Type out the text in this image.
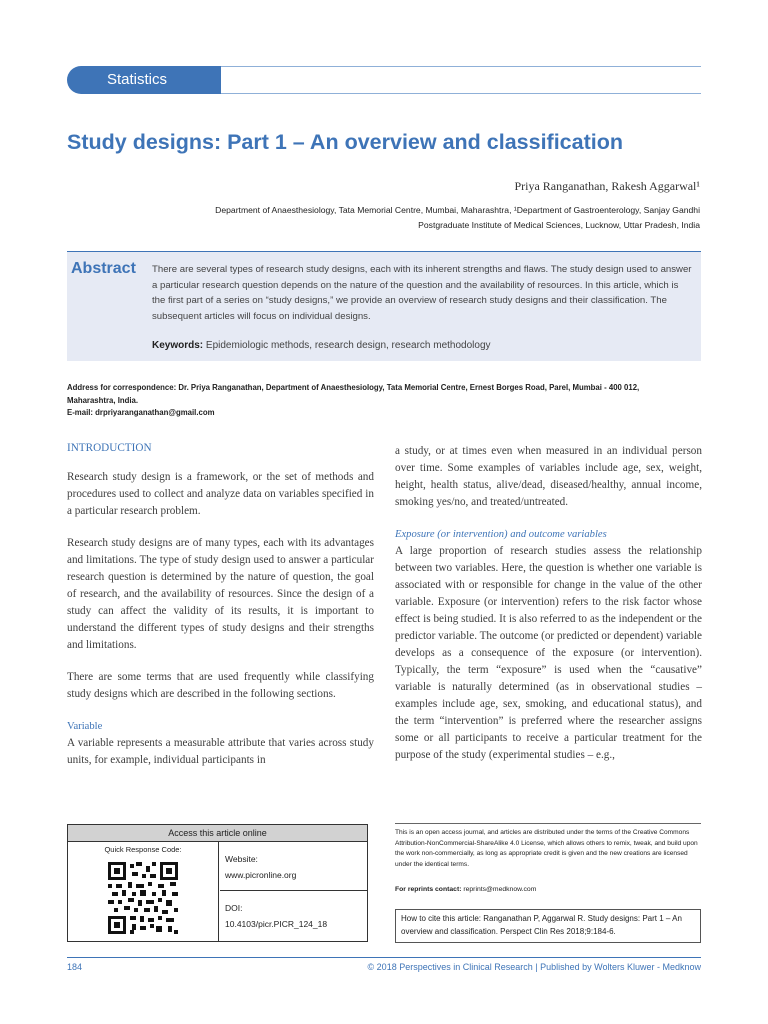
Statistics
Study designs: Part 1 – An overview and classification
Priya Ranganathan, Rakesh Aggarwal¹
Department of Anaesthesiology, Tata Memorial Centre, Mumbai, Maharashtra, ¹Department of Gastroenterology, Sanjay Gandhi
Postgraduate Institute of Medical Sciences, Lucknow, Uttar Pradesh, India
Abstract There are several types of research study designs, each with its inherent strengths and flaws. The study design used to answer a particular research question depends on the nature of the question and the availability of resources. In this article, which is the first part of a series on “study designs,” we provide an overview of research study designs and their classification. The subsequent articles will focus on individual designs.
Keywords: Epidemiologic methods, research design, research methodology
Address for correspondence: Dr. Priya Ranganathan, Department of Anaesthesiology, Tata Memorial Centre, Ernest Borges Road, Parel, Mumbai - 400 012,
Maharashtra, India.
E-mail: drpriyaranganathan@gmail.com
INTRODUCTION

Research study design is a framework, or the set of methods and procedures used to collect and analyze data on variables specified in a particular research problem.

Research study designs are of many types, each with its advantages and limitations. The type of study design used to answer a particular research question is determined by the nature of question, the goal of research, and the availability of resources. Since the design of a study can affect the validity of its results, it is important to understand the different types of study designs and their strengths and limitations.

There are some terms that are used frequently while classifying study designs which are described in the following sections.

Variable

A variable represents a measurable attribute that varies across study units, for example, individual participants in

a study, or at times even when measured in an individual person over time. Some examples of variables include age, sex, weight, height, health status, alive/dead, diseased/healthy, annual income, smoking yes/no, and treated/untreated.

Exposure (or intervention) and outcome variables

A large proportion of research studies assess the relationship between two variables. Here, the question is whether one variable is associated with or responsible for change in the value of the other variable. Exposure (or intervention) refers to the risk factor whose effect is being studied. It is also referred to as the independent or the predictor variable. The outcome (or predicted or dependent) variable develops as a consequence of the exposure (or intervention). Typically, the term “exposure” is used when the “causative” variable is naturally determined (as in observational studies – examples include age, sex, smoking, and educational status), and the term “intervention” is preferred where the researcher assigns some or all participants to receive a particular treatment for the purpose of the study (experimental studies – e.g.,

Access this article online
Quick Response Code:
Website:
www.picronline.org
DOI:
10.4103/picr.PICR_124_18
This is an open access journal, and articles are distributed under the terms of the Creative Commons Attribution-NonCommercial-ShareAlike 4.0 License, which allows others to remix, tweak, and build upon the work non-commercially, as long as appropriate credit is given and the new creations are licensed under the identical terms.
For reprints contact: reprints@medknow.com
How to cite this article: Ranganathan P, Aggarwal R. Study designs: Part 1 – An overview and classification. Perspect Clin Res 2018;9:184-6.
184	© 2018 Perspectives in Clinical Research | Published by Wolters Kluwer - Medknow
